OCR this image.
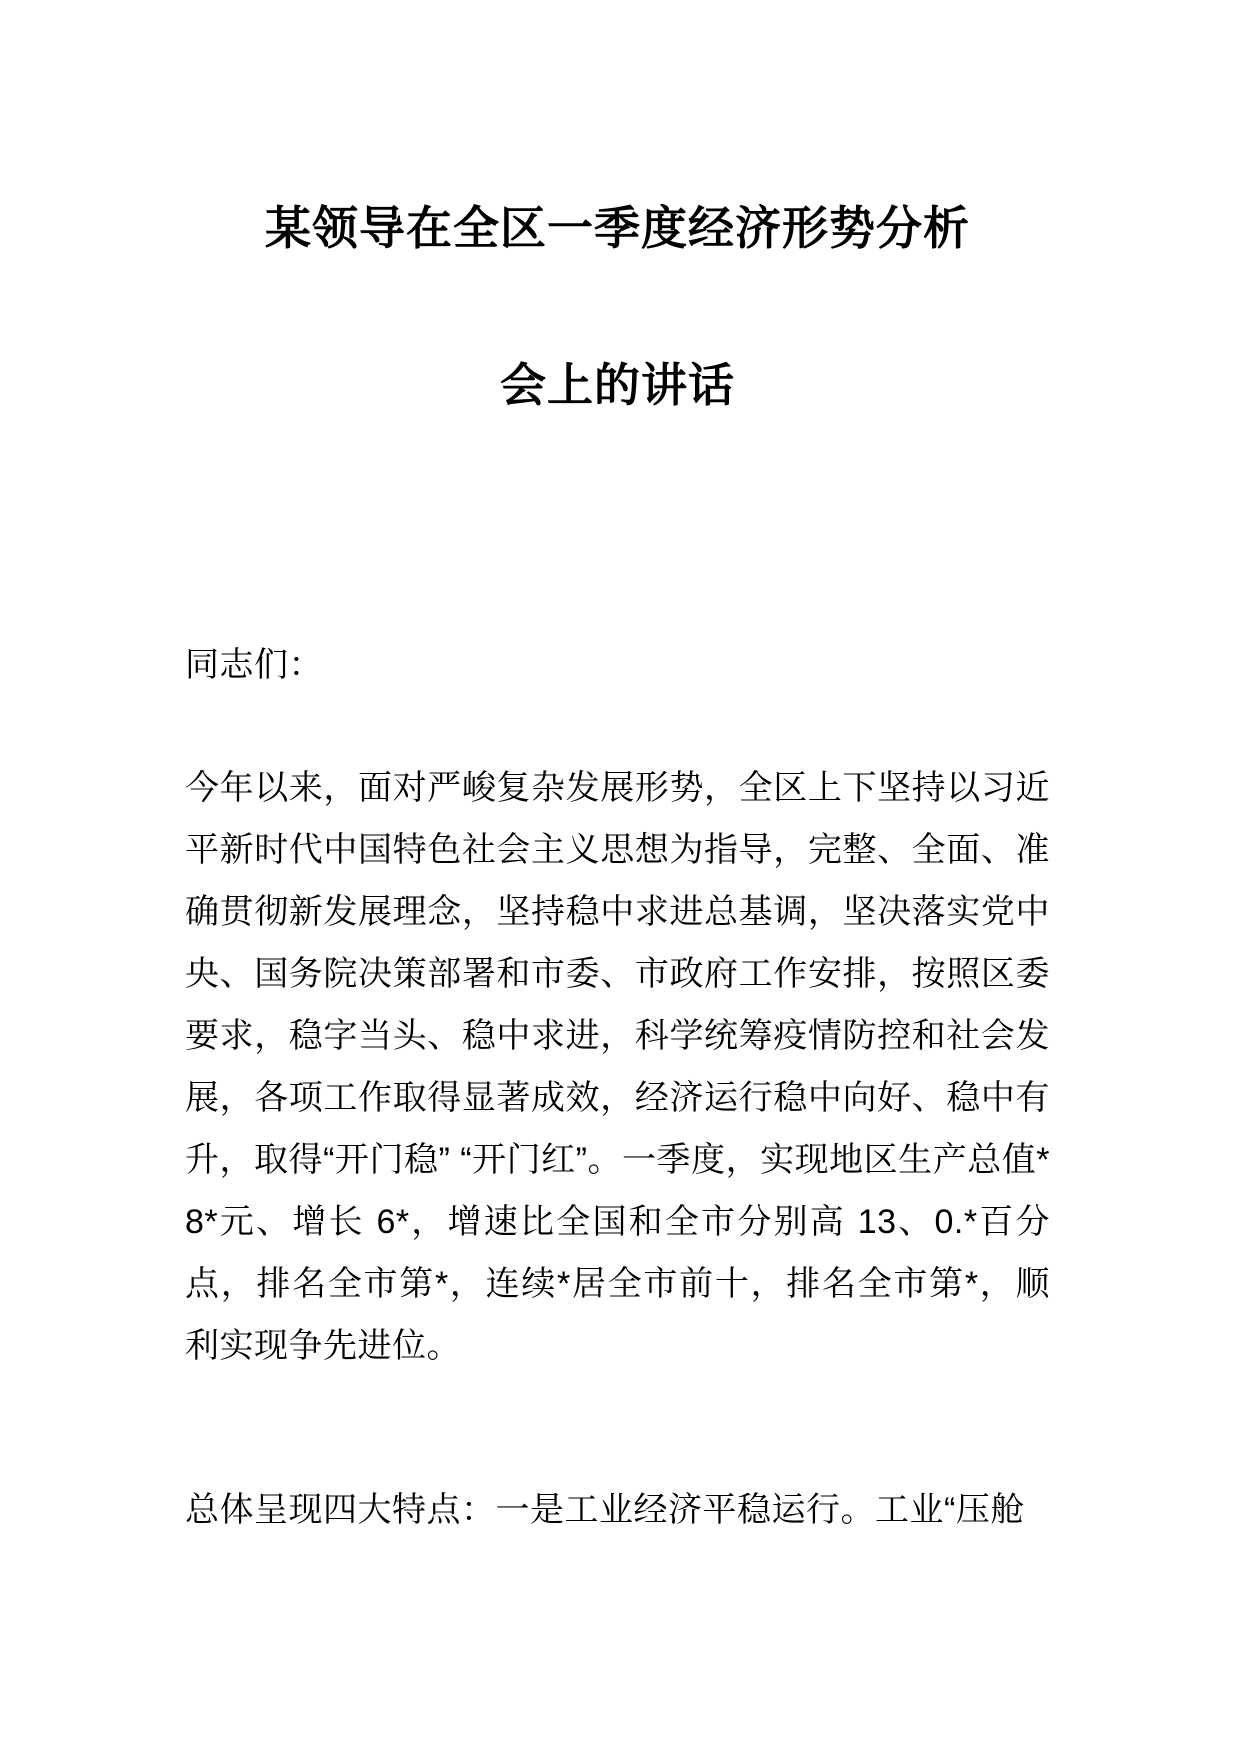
某领导在全区一季度经济形势分析
会上的讲话

同志们：

今年以来，面对严峻复杂发展形势，全区上下坚持以习近平新时代中国特色社会主义思想为指导，完整、全面、准确贯彻新发展理念，坚持稳中求进总基调，坚决落实党中央、国务院决策部署和市委、市政府工作安排，按照区委要求，稳字当头、稳中求进，科学统筹疫情防控和社会发展，各项工作取得显著成效，经济运行稳中向好、稳中有升，取得“开门稳” “开门红”。一季度，实现地区生产总值*8*元、增长 6*，增速比全国和全市分别高 13、0.*百分点，排名全市第*，连续*居全市前十，排名全市第*，顺利实现争先进位。

总体呈现四大特点：一是工业经济平稳运行。工业“压舱
